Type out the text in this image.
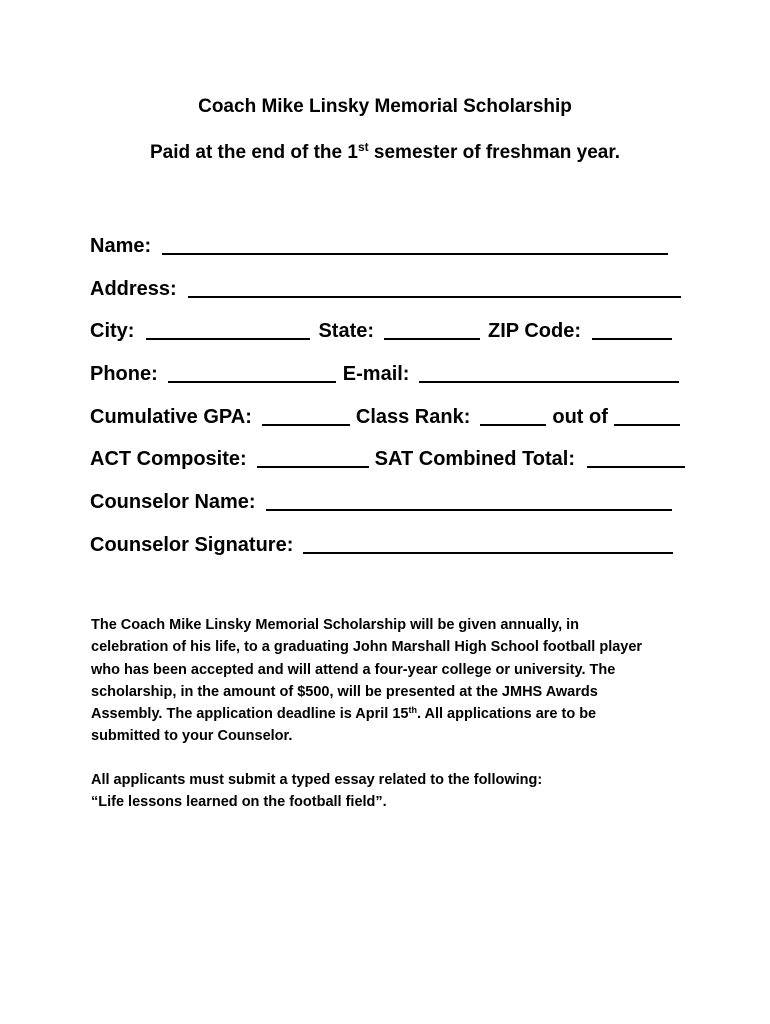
Coach Mike Linsky Memorial Scholarship
Paid at the end of the 1st semester of freshman year.
Name:
Address:
City:	State:	ZIP Code:
Phone:	E-mail:
Cumulative GPA:	Class Rank:	out of
ACT Composite:	SAT Combined Total:
Counselor Name:
Counselor Signature:

The Coach Mike Linsky Memorial Scholarship will be given annually, in

celebration of his life, to a graduating John Marshall High School football player

who has been accepted and will attend a four-year college or university. The

scholarship, in the amount of $500, will be presented at the JMHS Awards

Assembly. The application deadline is April 15th. All applications are to be

submitted to your Counselor.

All applicants must submit a typed essay related to the following:

“Life lessons learned on the football field”.
